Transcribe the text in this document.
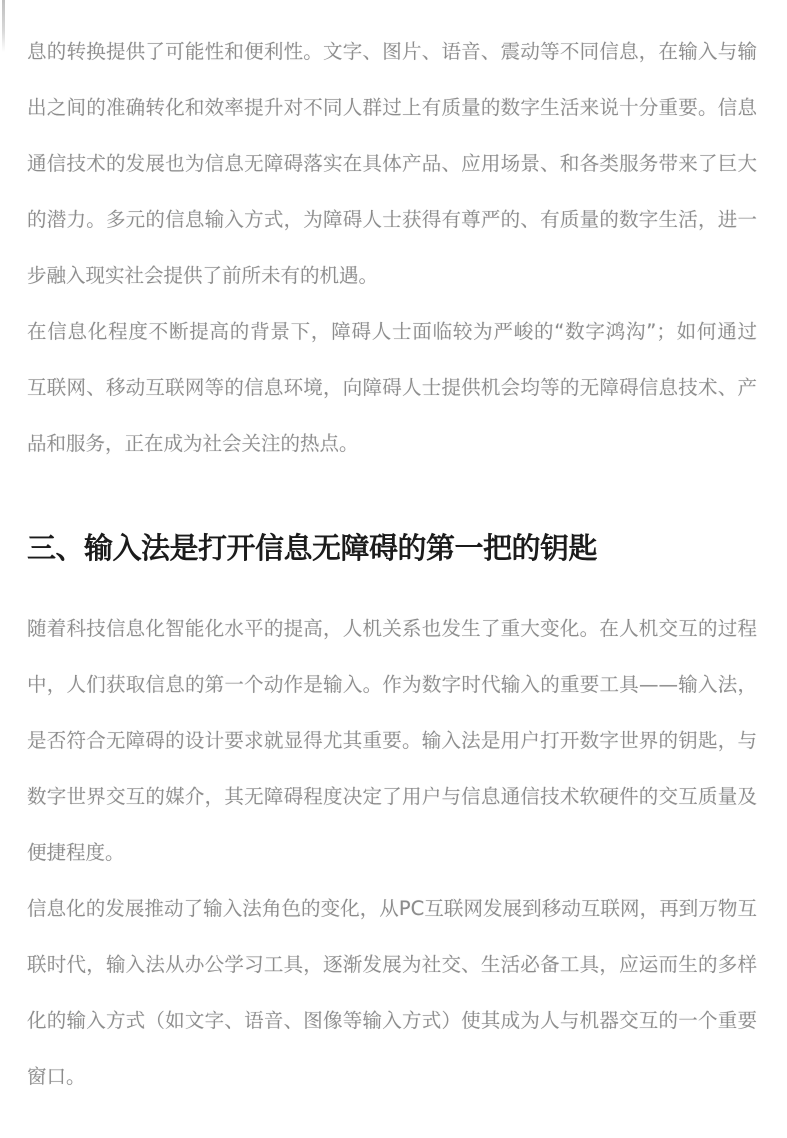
息的转换提供了可能性和便利性。文字、图片、语音、震动等不同信息，在输入与输
出之间的准确转化和效率提升对不同人群过上有质量的数字生活来说十分重要。信息
通信技术的发展也为信息无障碍落实在具体产品、应用场景、和各类服务带来了巨大
的潜力。多元的信息输入方式，为障碍人士获得有尊严的、有质量的数字生活，进一
步融入现实社会提供了前所未有的机遇。

在信息化程度不断提高的背景下，障碍人士面临较为严峻的“数字鸿沟”；如何通过
互联网、移动互联网等的信息环境，向障碍人士提供机会均等的无障碍信息技术、产
品和服务，正在成为社会关注的热点。

三、输入法是打开信息无障碍的第一把的钥匙

随着科技信息化智能化水平的提高，人机关系也发生了重大变化。在人机交互的过程
中，人们获取信息的第一个动作是输入。作为数字时代输入的重要工具——输入法，
是否符合无障碍的设计要求就显得尤其重要。输入法是用户打开数字世界的钥匙，与
数字世界交互的媒介，其无障碍程度决定了用户与信息通信技术软硬件的交互质量及
便捷程度。

信息化的发展推动了输入法角色的变化，从PC互联网发展到移动互联网，再到万物互
联时代，输入法从办公学习工具，逐渐发展为社交、生活必备工具，应运而生的多样
化的输入方式（如文字、语音、图像等输入方式）使其成为人与机器交互的一个重要
窗口。
